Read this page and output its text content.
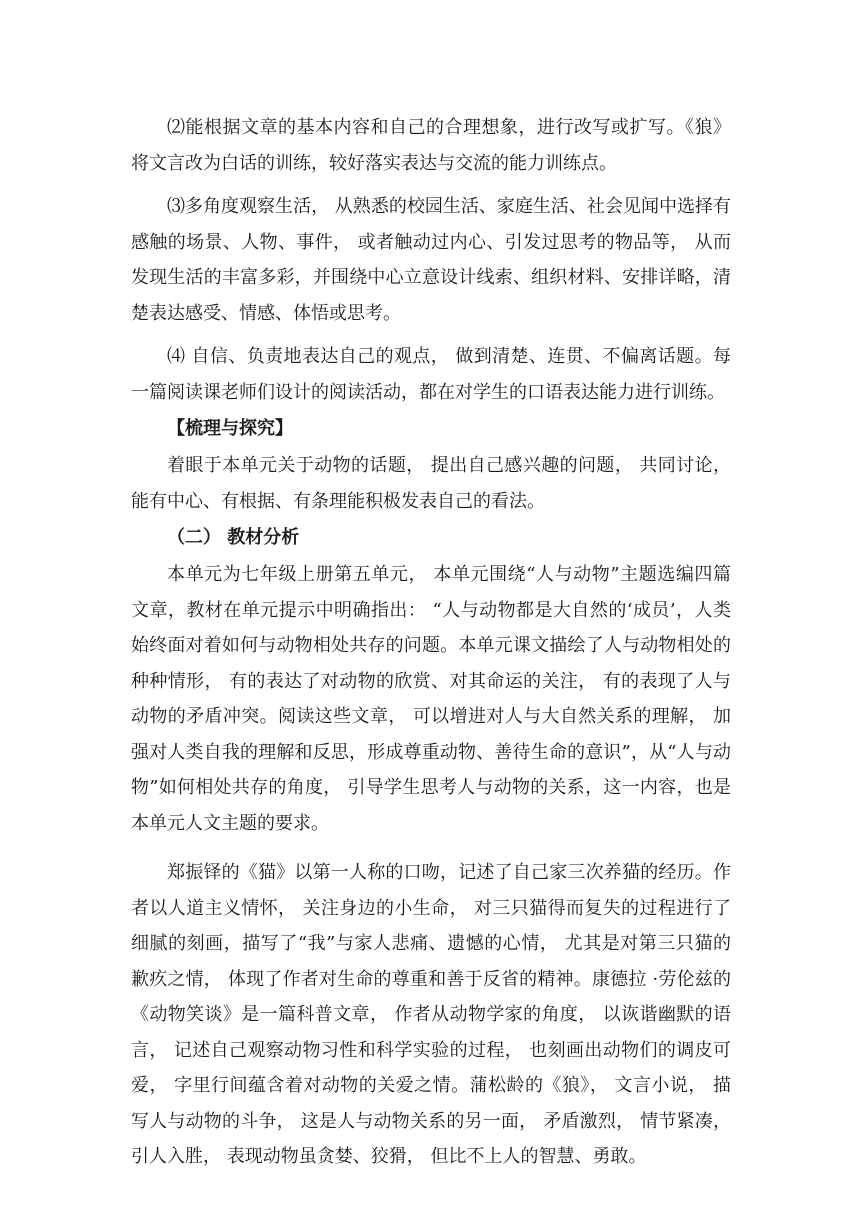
⑵能根据文章的基本内容和自己的合理想象，进行改写或扩写。《狼》将文言改为白话的训练，较好落实表达与交流的能力训练点。

⑶多角度观察生活， 从熟悉的校园生活、家庭生活、社会见闻中选择有感触的场景、人物、事件， 或者触动过内心、引发过思考的物品等， 从而发现生活的丰富多彩，并围绕中心立意设计线索、组织材料、安排详略，清楚表达感受、情感、体悟或思考。

⑷ 自信、负责地表达自己的观点， 做到清楚、连贯、不偏离话题。每一篇阅读课老师们设计的阅读活动，都在对学生的口语表达能力进行训练。

【梳理与探究】

着眼于本单元关于动物的话题， 提出自己感兴趣的问题， 共同讨论， 能有中心、有根据、有条理能积极发表自己的看法。

（二） 教材分析

本单元为七年级上册第五单元， 本单元围绕“人与动物”主题选编四篇文章，教材在单元提示中明确指出： “人与动物都是大自然的‘成员’，人类始终面对着如何与动物相处共存的问题。本单元课文描绘了人与动物相处的种种情形， 有的表达了对动物的欣赏、对其命运的关注， 有的表现了人与动物的矛盾冲突。阅读这些文章， 可以增进对人与大自然关系的理解， 加强对人类自我的理解和反思，形成尊重动物、善待生命的意识”，从“人与动物”如何相处共存的角度， 引导学生思考人与动物的关系，这一内容，也是本单元人文主题的要求。

郑振铎的《猫》以第一人称的口吻，记述了自己家三次养猫的经历。作者以人道主义情怀， 关注身边的小生命， 对三只猫得而复失的过程进行了细腻的刻画，描写了“我”与家人悲痛、遗憾的心情， 尤其是对第三只猫的歉疚之情， 体现了作者对生命的尊重和善于反省的精神。康德拉 ·劳伦兹的《动物笑谈》是一篇科普文章， 作者从动物学家的角度， 以诙谐幽默的语言， 记述自己观察动物习性和科学实验的过程， 也刻画出动物们的调皮可爱， 字里行间蕴含着对动物的关爱之情。蒲松龄的《狼》， 文言小说， 描写人与动物的斗争， 这是人与动物关系的另一面， 矛盾激烈， 情节紧凑， 引人入胜， 表现动物虽贪婪、狡猾， 但比不上人的智慧、勇敢。
